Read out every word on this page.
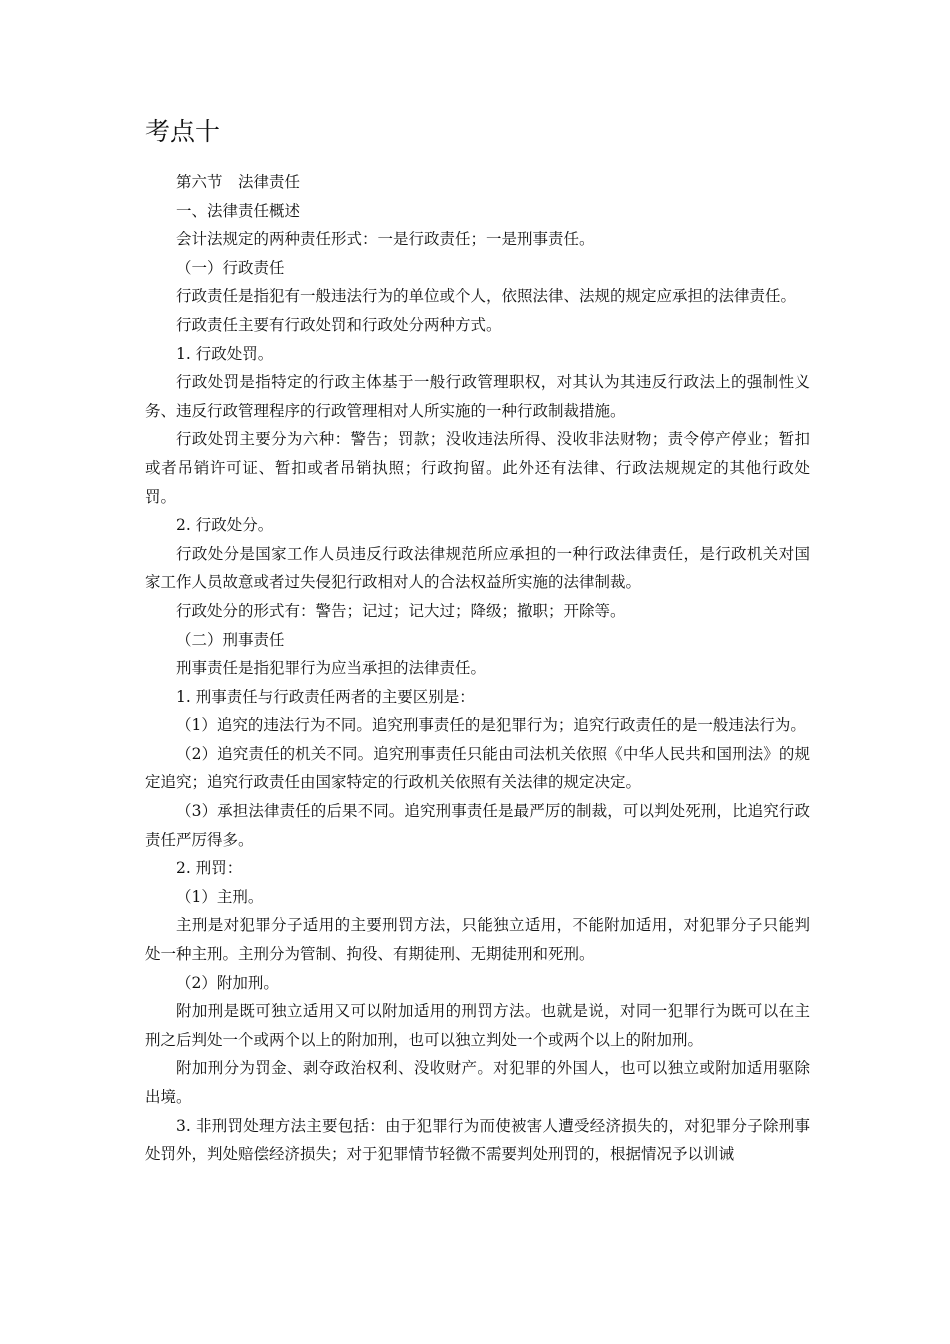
考点十

第六节　法律责任

一、法律责任概述

会计法规定的两种责任形式：一是行政责任；一是刑事责任。

（一）行政责任

行政责任是指犯有一般违法行为的单位或个人，依照法律、法规的规定应承担的法律责任。

行政责任主要有行政处罚和行政处分两种方式。

1. 行政处罚。

行政处罚是指特定的行政主体基于一般行政管理职权，对其认为其违反行政法上的强制性义务、违反行政管理程序的行政管理相对人所实施的一种行政制裁措施。

行政处罚主要分为六种：警告；罚款；没收违法所得、没收非法财物；责令停产停业；暂扣或者吊销许可证、暂扣或者吊销执照；行政拘留。此外还有法律、行政法规规定的其他行政处罚。

2. 行政处分。

行政处分是国家工作人员违反行政法律规范所应承担的一种行政法律责任，是行政机关对国家工作人员故意或者过失侵犯行政相对人的合法权益所实施的法律制裁。

行政处分的形式有：警告；记过；记大过；降级；撤职；开除等。

（二）刑事责任

刑事责任是指犯罪行为应当承担的法律责任。

1. 刑事责任与行政责任两者的主要区别是：

（1）追究的违法行为不同。追究刑事责任的是犯罪行为；追究行政责任的是一般违法行为。

（2）追究责任的机关不同。追究刑事责任只能由司法机关依照《中华人民共和国刑法》的规定追究；追究行政责任由国家特定的行政机关依照有关法律的规定决定。

（3）承担法律责任的后果不同。追究刑事责任是最严厉的制裁，可以判处死刑，比追究行政责任严厉得多。

2. 刑罚：

（1）主刑。

主刑是对犯罪分子适用的主要刑罚方法，只能独立适用，不能附加适用，对犯罪分子只能判处一种主刑。主刑分为管制、拘役、有期徒刑、无期徒刑和死刑。

（2）附加刑。

附加刑是既可独立适用又可以附加适用的刑罚方法。也就是说，对同一犯罪行为既可以在主刑之后判处一个或两个以上的附加刑，也可以独立判处一个或两个以上的附加刑。

附加刑分为罚金、剥夺政治权利、没收财产。对犯罪的外国人，也可以独立或附加适用驱除出境。

3. 非刑罚处理方法主要包括：由于犯罪行为而使被害人遭受经济损失的，对犯罪分子除刑事处罚外，判处赔偿经济损失；对于犯罪情节轻微不需要判处刑罚的，根据情况予以训诫
